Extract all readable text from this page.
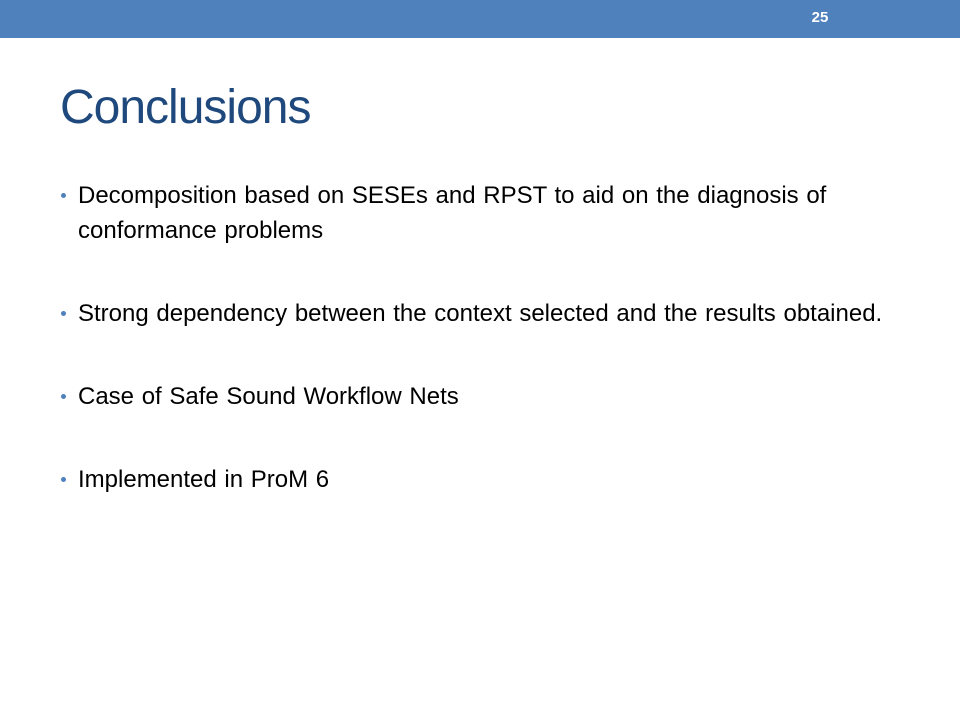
25
Conclusions
Decomposition based on SESEs and RPST to aid on the diagnosis of conformance problems
Strong dependency between the context selected and the results obtained.
Case of Safe Sound Workflow Nets
Implemented in ProM 6
